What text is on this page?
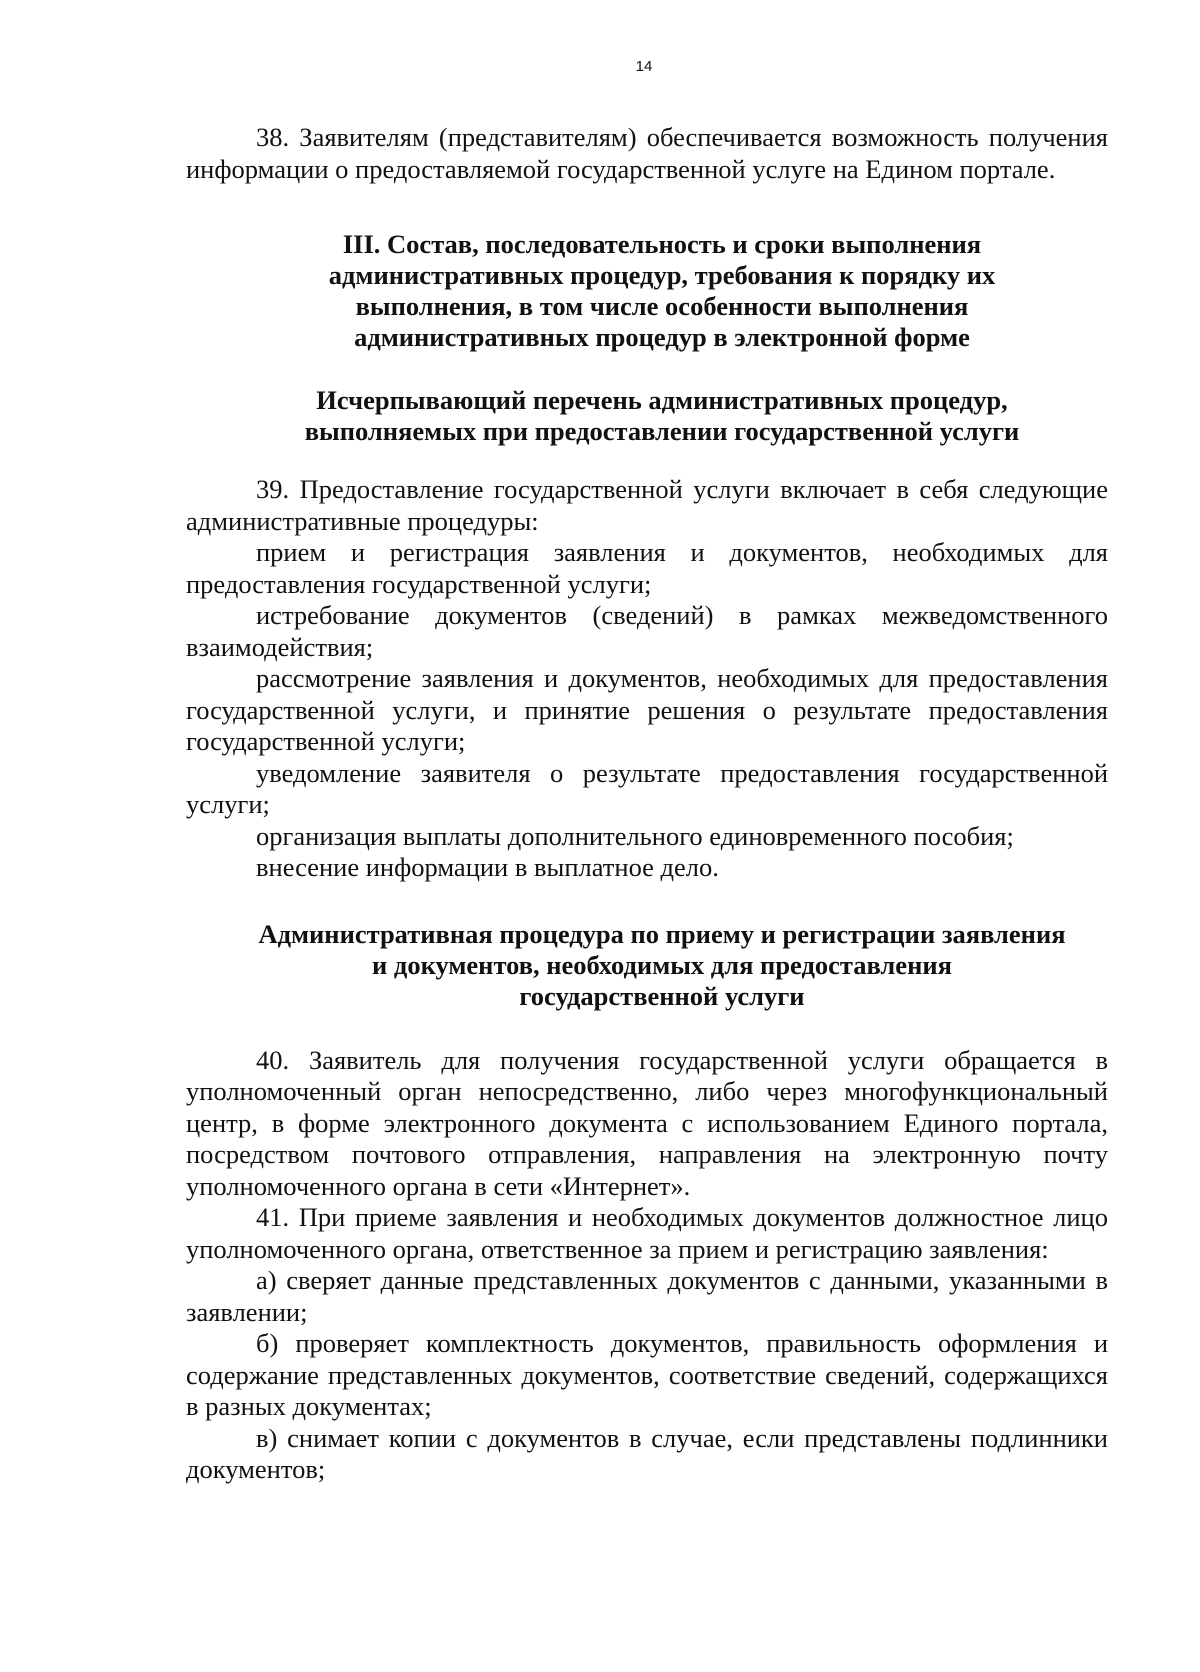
14

38. Заявителям (представителям) обеспечивается возможность получения информации о предоставляемой государственной услуге на Едином портале.

III. Состав, последовательность и сроки выполнения
административных процедур, требования к порядку их
выполнения, в том числе особенности выполнения
административных процедур в электронной форме
Исчерпывающий перечень административных процедур,
выполняемых при предоставлении государственной услуги

39. Предоставление государственной услуги включает в себя следующие административные процедуры:

прием и регистрация заявления и документов, необходимых для предоставления государственной услуги;

истребование документов (сведений) в рамках межведомственного взаимодействия;

рассмотрение заявления и документов, необходимых для предоставления государственной услуги, и принятие решения о результате предоставления государственной услуги;

уведомление заявителя о результате предоставления государственной услуги;

организация выплаты дополнительного единовременного пособия;

внесение информации в выплатное дело.

Административная процедура по приему и регистрации заявления
и документов, необходимых для предоставления
государственной услуги

40. Заявитель для получения государственной услуги обращается в уполномоченный орган непосредственно, либо через многофункциональный центр, в форме электронного документа с использованием Единого портала, посредством почтового отправления, направления на электронную почту уполномоченного органа в сети «Интернет».

41. При приеме заявления и необходимых документов должностное лицо уполномоченного органа, ответственное за прием и регистрацию заявления:

а) сверяет данные представленных документов с данными, указанными в заявлении;

б) проверяет комплектность документов, правильность оформления и содержание представленных документов, соответствие сведений, содержащихся в разных документах;

в) снимает копии с документов в случае, если представлены подлинники документов;
